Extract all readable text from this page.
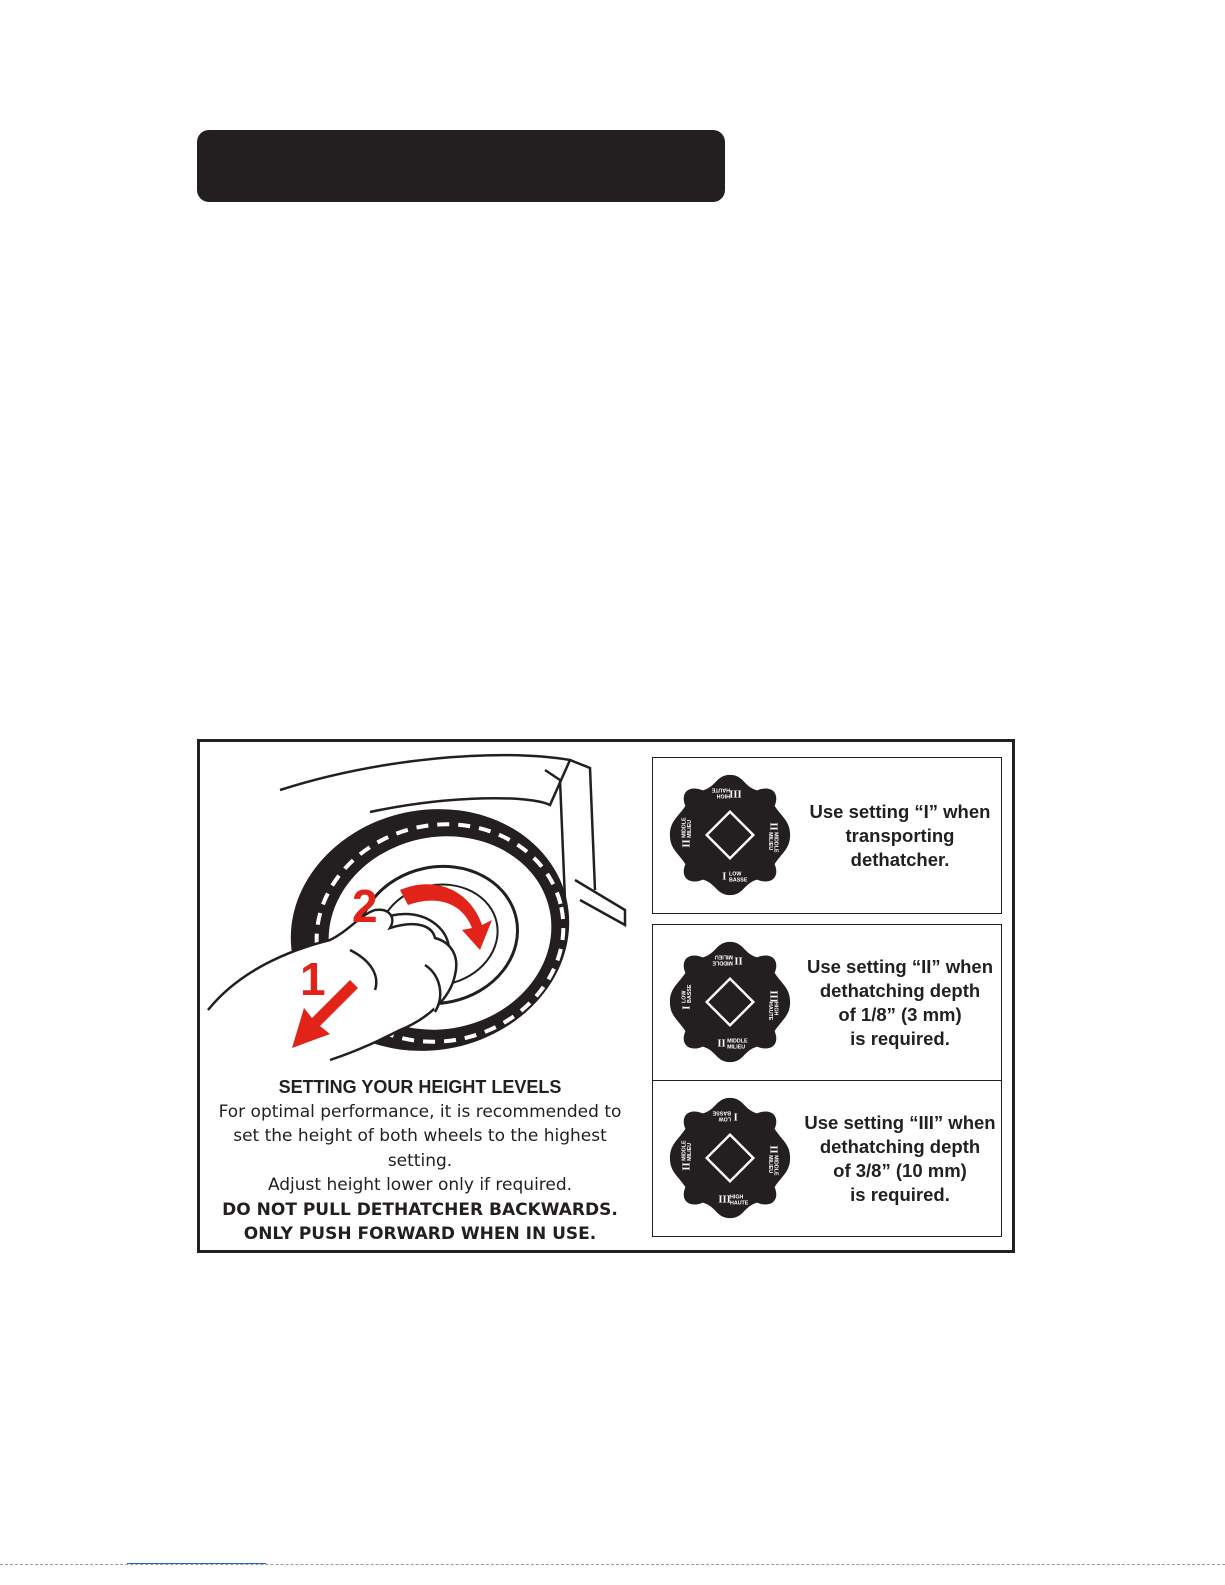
1
2
SETTING YOUR HEIGHT LEVELS
For optimal performance, it is recommended to
set the height of both wheels to the highest setting.
Adjust height lower only if required.
DO NOT PULL DETHATCHER BACKWARDS.
ONLY PUSH FORWARD WHEN IN USE.
I LOW
BASSE
II
MIDDLE
MILIEU
III
HIGH
HAUTE
II
MIDDLE MILIEU
Use setting “I” when
transporting
dethatcher.
II MIDDLE
MILIEU
III
HIGH
HAUTE
II
MIDDLE
MILIEU
I
LOW BASSE
Use setting “II” when
dethatching depth
of 1/8” (3 mm)
is required.
III HIGH
HAUTE
II
MIDDLE
MILIEU
I
LOW
BASSE
II
MIDDLE MILIEU
Use setting “III” when
dethatching depth
of 3/8” (10 mm)
is required.
